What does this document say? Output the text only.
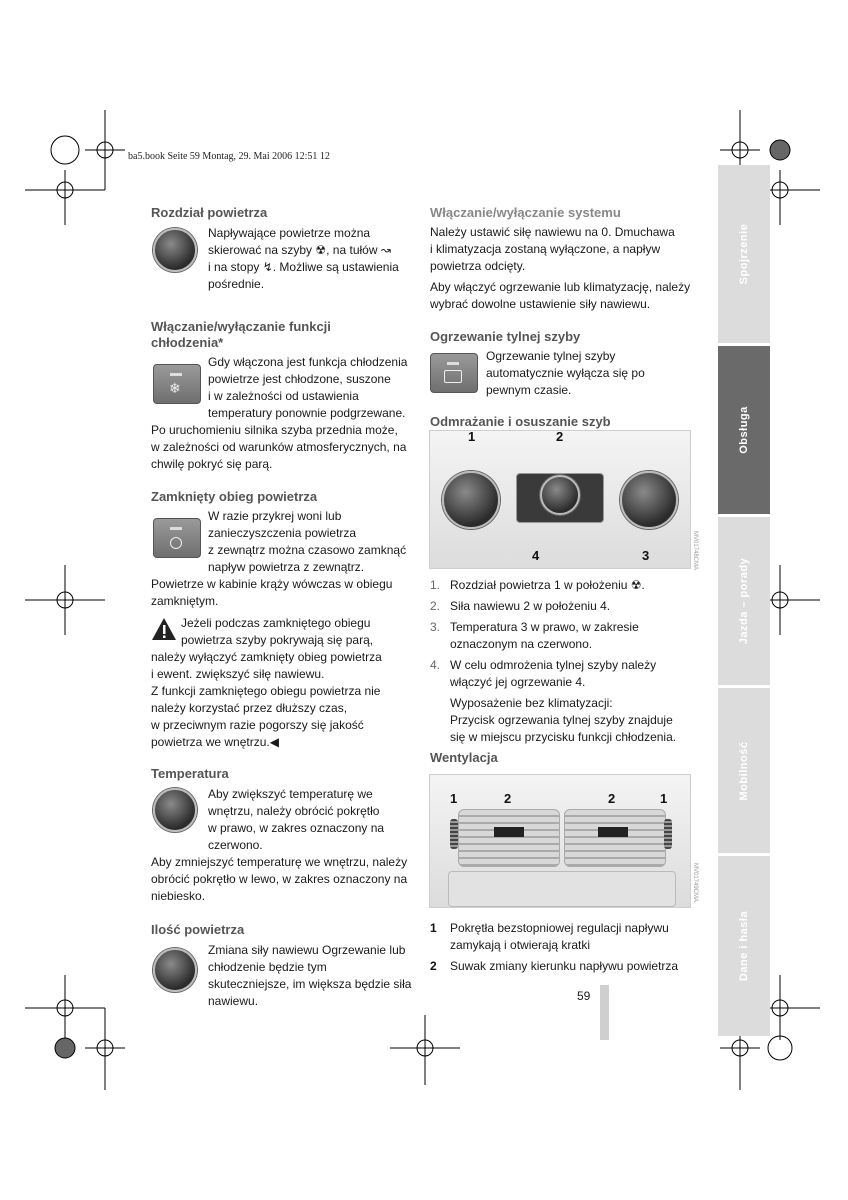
ba5.book Seite 59 Montag, 29. Mai 2006 12:51 12
Spojrzenie
Obsługa
Jazda – porady
Mobilność
Dane i hasła
Rozdział powietrza

Napływające powietrze można

skierować na szyby ☢, na tułów ↝

i na stopy ↯. Możliwe są ustawienia

pośrednie.

Włączanie/wyłączanie funkcji
chłodzenia*
❄

Gdy włączona jest funkcja chłodzenia

powietrze jest chłodzone, suszone

i w zależności od ustawienia

temperatury ponownie podgrzewane.

Po uruchomieniu silnika szyba przednia może,

w zależności od warunków atmosferycznych, na

chwilę pokryć się parą.

Zamknięty obieg powietrza

W razie przykrej woni lub

zanieczyszczenia powietrza

z zewnątrz można czasowo zamknąć

napływ powietrza z zewnątrz.

Powietrze w kabinie krąży wówczas w obiegu

zamkniętym.

Jeżeli podczas zamkniętego obiegu

powietrza szyby pokrywają się parą,

należy wyłączyć zamknięty obieg powietrza

i ewent. zwiększyć siłę nawiewu.

Z funkcji zamkniętego obiegu powietrza nie

należy korzystać przez dłuższy czas,

w przeciwnym razie pogorszy się jakość

powietrza we wnętrzu.◀

Temperatura

Aby zwiększyć temperaturę we

wnętrzu, należy obrócić pokrętło

w prawo, w zakres oznaczony na

czerwono.

Aby zmniejszyć temperaturę we wnętrzu, należy

obrócić pokrętło w lewo, w zakres oznaczony na

niebiesko.

Ilość powietrza

Zmiana siły nawiewu Ogrzewanie lub

chłodzenie będzie tym

skuteczniejsze, im większa będzie siła

nawiewu.

Włączanie/wyłączanie systemu

Należy ustawić siłę nawiewu na 0. Dmuchawa

i klimatyzacja zostaną wyłączone, a napływ

powietrza odcięty.

Aby włączyć ogrzewanie lub klimatyzację, należy

wybrać dowolne ustawienie siły nawiewu.

Ogrzewanie tylnej szyby

Ogrzewanie tylnej szyby

automatycznie wyłącza się po

pewnym czasie.

Odmrażanie i osuszanie szyb
1	2
4	3	MV01748CMA
1. Rozdział powietrza 1 w położeniu ☢.

2. Siła nawiewu 2 w położeniu 4.

3. Temperatura 3 w prawo, w zakresie

oznaczonym na czerwono.

4. W celu odmrożenia tylnej szyby należy

włączyć jej ogrzewanie 4.

Wyposażenie bez klimatyzacji:

Przycisk ogrzewania tylnej szyby znajduje

się w miejscu przycisku funkcji chłodzenia.

Wentylacja
1	2	2	1
MV01749CMA
1 Pokrętła bezstopniowej regulacji napływu

zamykają i otwierają kratki

2 Suwak zmiany kierunku napływu powietrza

59
